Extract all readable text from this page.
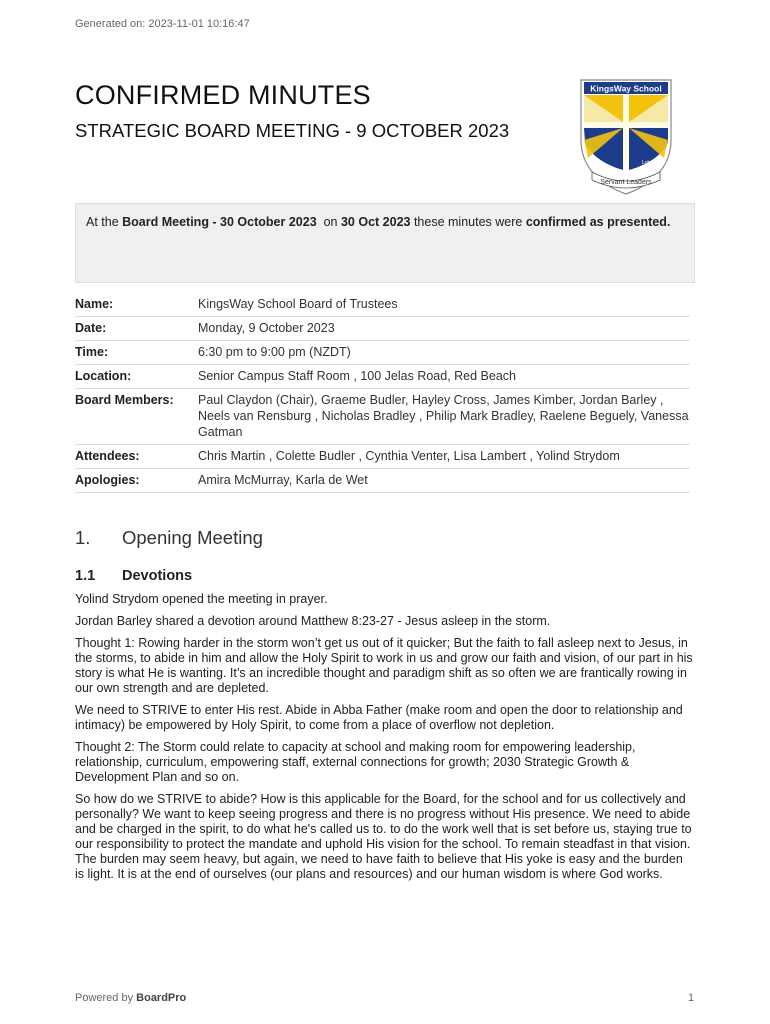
Generated on: 2023-11-01 10:16:47
CONFIRMED MINUTES
STRATEGIC BOARD MEETING - 9 OCTOBER 2023
KingsWay School
Luke 2:52
Servant Leaders
At the Board Meeting - 30 October 2023  on 30 Oct 2023 these minutes were confirmed as presented.
Name:	KingsWay School Board of Trustees
Date:	Monday, 9 October 2023
Time:	6:30 pm to 9:00 pm (NZDT)
Location:	Senior Campus Staff Room , 100 Jelas Road, Red Beach
Board Members:	Paul Claydon (Chair), Graeme Budler, Hayley Cross, James Kimber, Jordan Barley , Neels van Rensburg , Nicholas Bradley , Philip Mark Bradley, Raelene Beguely, Vanessa Gatman
Attendees:	Chris Martin , Colette Budler , Cynthia Venter, Lisa Lambert , Yolind Strydom
Apologies:	Amira McMurray, Karla de Wet
1. Opening Meeting
1.1 Devotions

Yolind Strydom opened the meeting in prayer.

Jordan Barley shared a devotion around Matthew 8:23-27 - Jesus asleep in the storm.

Thought 1: Rowing harder in the storm won’t get us out of it quicker; But the faith to fall asleep next to Jesus, in the storms, to abide in him and allow the Holy Spirit to work in us and grow our faith and vision, of our part in his story is what He is wanting. It’s an incredible thought and paradigm shift as so often we are frantically rowing in our own strength and are depleted.

We need to STRIVE to enter His rest. Abide in Abba Father (make room and open the door to relationship and intimacy) be empowered by Holy Spirit, to come from a place of overflow not depletion.

Thought 2: The Storm could relate to capacity at school and making room for empowering leadership, relationship, curriculum, empowering staff, external connections for growth; 2030 Strategic Growth & Development Plan and so on.

So how do we STRIVE to abide? How is this applicable for the Board, for the school and for us collectively and personally? We want to keep seeing progress and there is no progress without His presence. We need to abide and be charged in the spirit, to do what he's called us to. to do the work well that is set before us, staying true to our responsibility to protect the mandate and uphold His vision for the school. To remain steadfast in that vision. The burden may seem heavy, but again, we need to have faith to believe that His yoke is easy and the burden is light. It is at the end of ourselves (our plans and resources) and our human wisdom is where God works.

Powered by BoardPro	1
